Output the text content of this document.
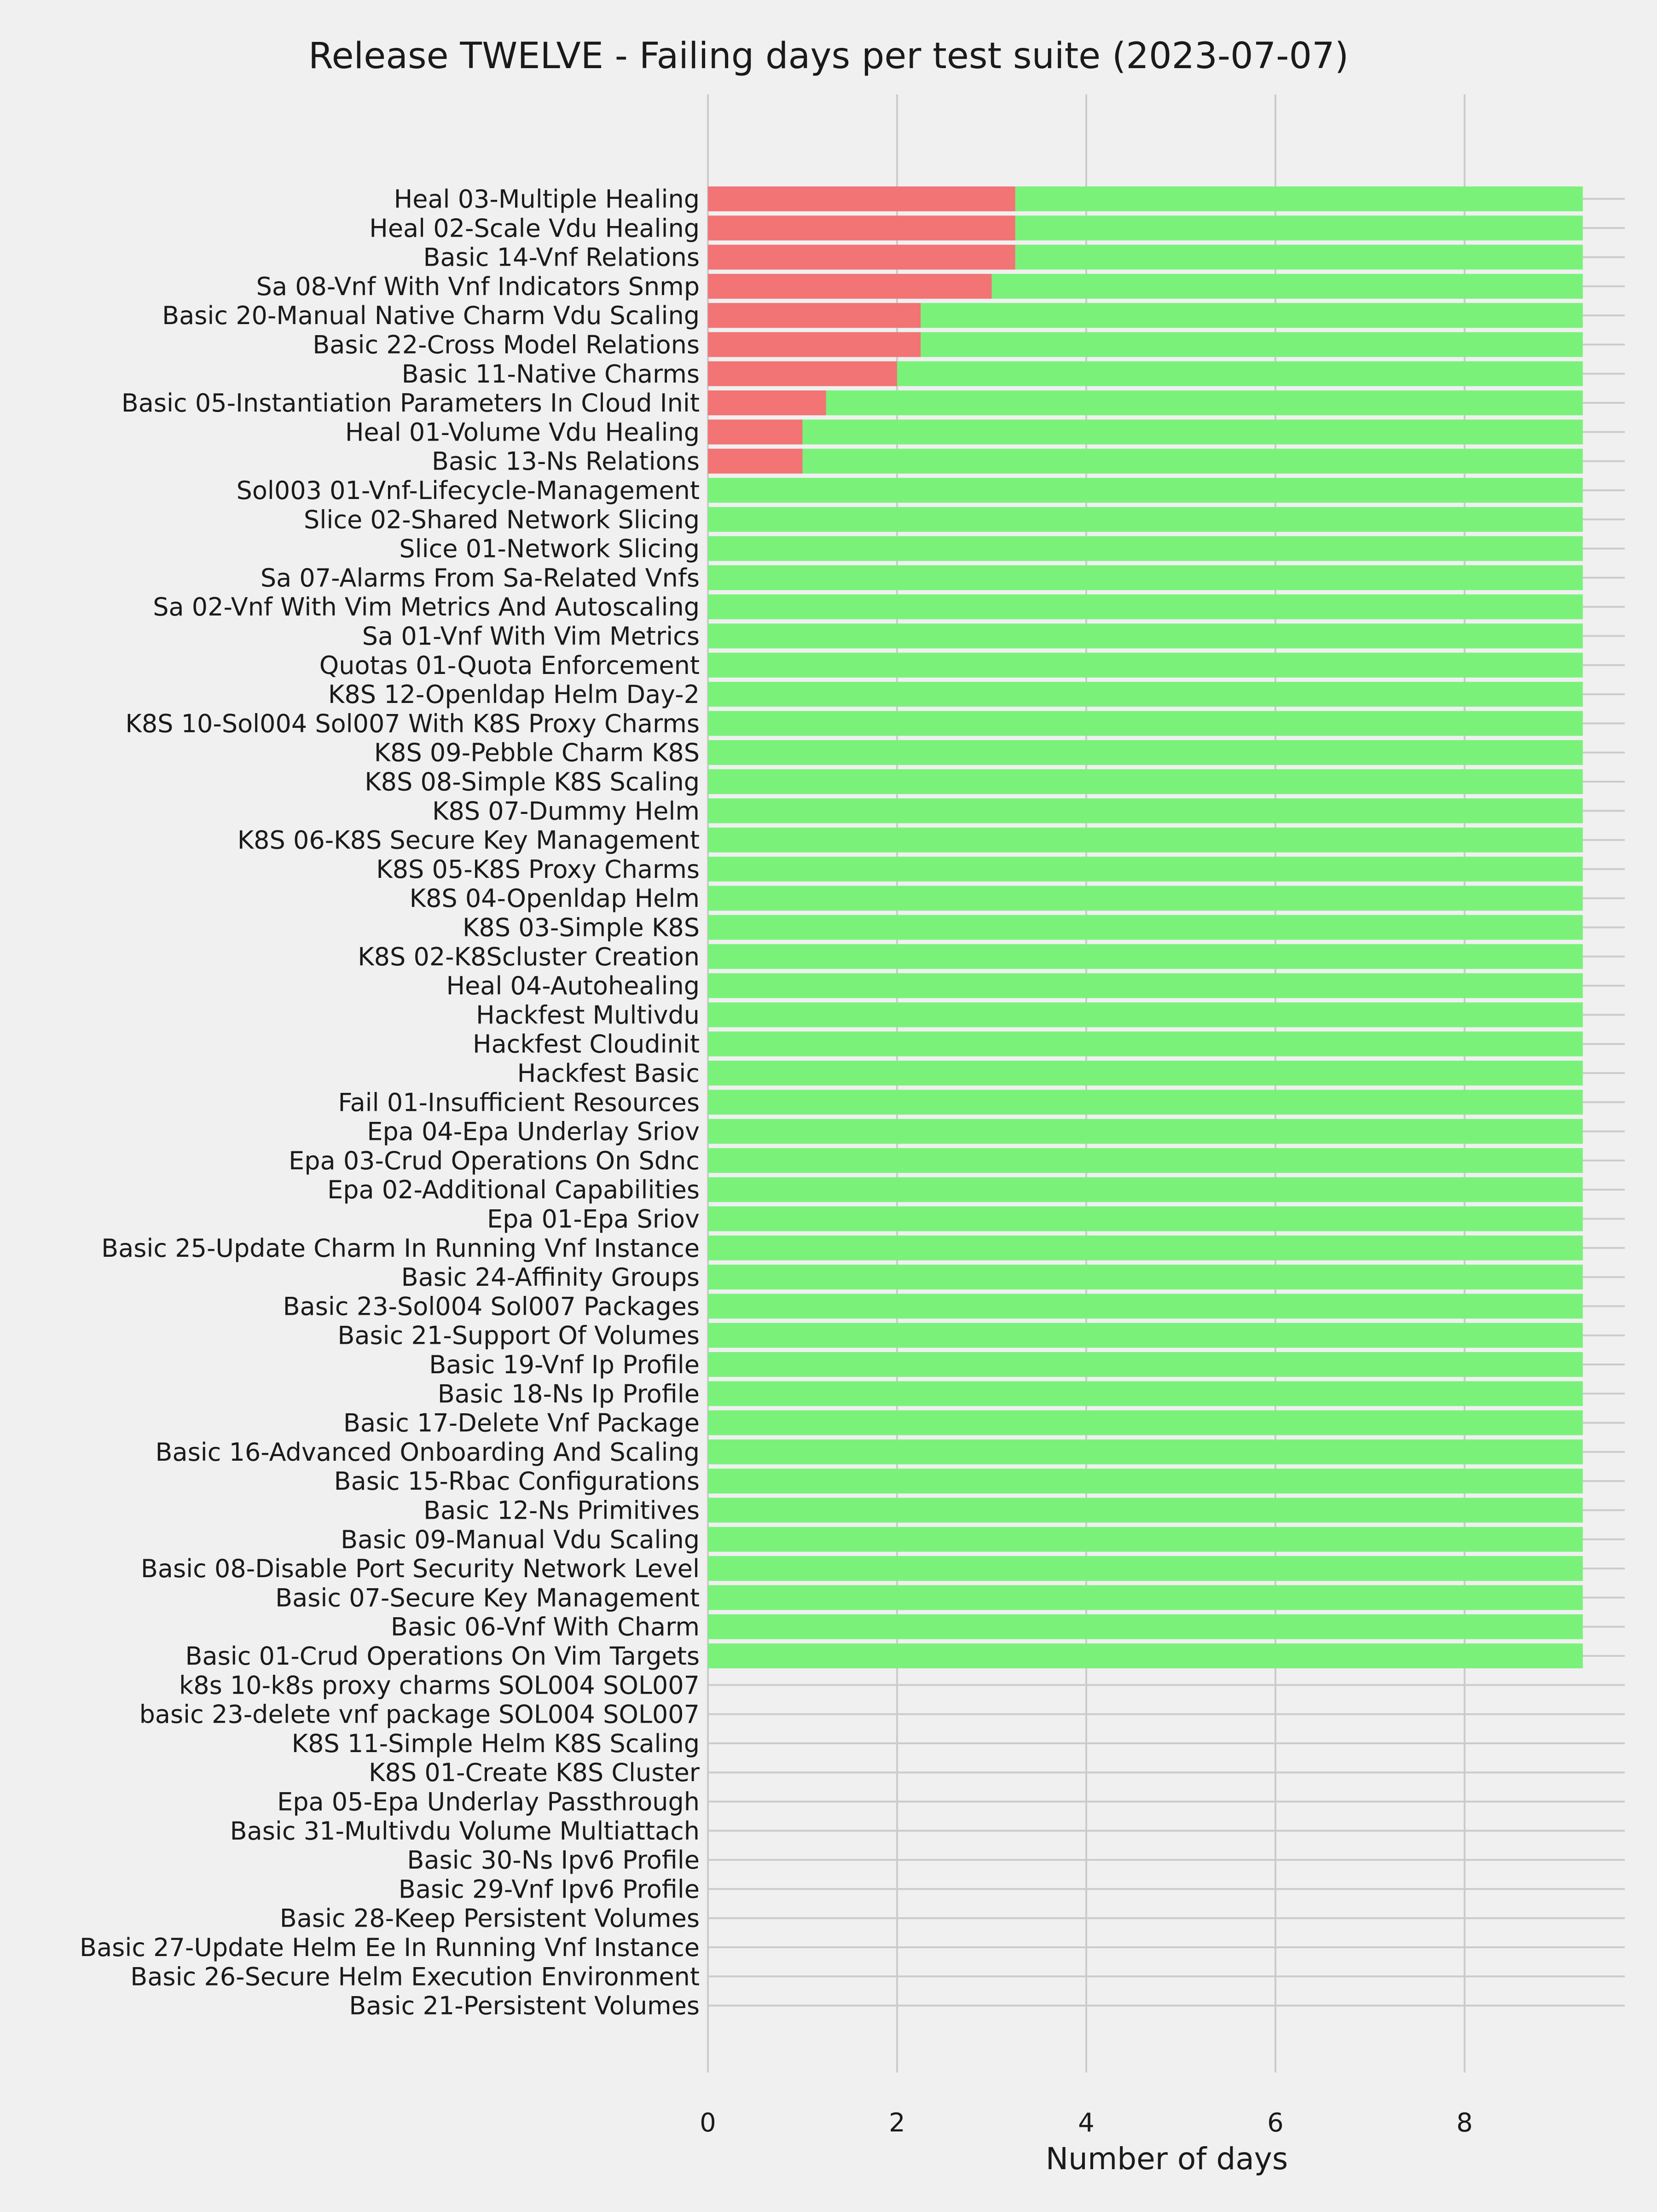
Heal 03-Multiple Healing
Heal 02-Scale Vdu Healing
Basic 14-Vnf Relations
Sa 08-Vnf With Vnf Indicators Snmp
Basic 20-Manual Native Charm Vdu Scaling
Basic 22-Cross Model Relations
Basic 11-Native Charms
Basic 05-Instantiation Parameters In Cloud Init
Heal 01-Volume Vdu Healing
Basic 13-Ns Relations
Sol003 01-Vnf-Lifecycle-Management
Slice 02-Shared Network Slicing
Slice 01-Network Slicing
Sa 07-Alarms From Sa-Related Vnfs
Sa 02-Vnf With Vim Metrics And Autoscaling
Sa 01-Vnf With Vim Metrics
Quotas 01-Quota Enforcement
K8S 12-Openldap Helm Day-2
K8S 10-Sol004 Sol007 With K8S Proxy Charms
K8S 09-Pebble Charm K8S
K8S 08-Simple K8S Scaling
K8S 07-Dummy Helm
K8S 06-K8S Secure Key Management
K8S 05-K8S Proxy Charms
K8S 04-Openldap Helm
K8S 03-Simple K8S
K8S 02-K8Scluster Creation
Heal 04-Autohealing
Hackfest Multivdu
Hackfest Cloudinit
Hackfest Basic
Fail 01-Insufficient Resources
Epa 04-Epa Underlay Sriov
Epa 03-Crud Operations On Sdnc
Epa 02-Additional Capabilities
Epa 01-Epa Sriov
Basic 25-Update Charm In Running Vnf Instance
Basic 24-Affinity Groups
Basic 23-Sol004 Sol007 Packages
Basic 21-Support Of Volumes
Basic 19-Vnf Ip Profile
Basic 18-Ns Ip Profile
Basic 17-Delete Vnf Package
Basic 16-Advanced Onboarding And Scaling
Basic 15-Rbac Configurations
Basic 12-Ns Primitives
Basic 09-Manual Vdu Scaling
Basic 08-Disable Port Security Network Level
Basic 07-Secure Key Management
Basic 06-Vnf With Charm
Basic 01-Crud Operations On Vim Targets
k8s 10-k8s proxy charms SOL004 SOL007
basic 23-delete vnf package SOL004 SOL007
K8S 11-Simple Helm K8S Scaling
K8S 01-Create K8S Cluster
Epa 05-Epa Underlay Passthrough
Basic 31-Multivdu Volume Multiattach
Basic 30-Ns Ipv6 Profile
Basic 29-Vnf Ipv6 Profile
Basic 28-Keep Persistent Volumes
Basic 27-Update Helm Ee In Running Vnf Instance
Basic 26-Secure Helm Execution Environment
Basic 21-Persistent Volumes
0	2	4	6	8
Release TWELVE - Failing days per test suite (2023-07-07)
Number of days
